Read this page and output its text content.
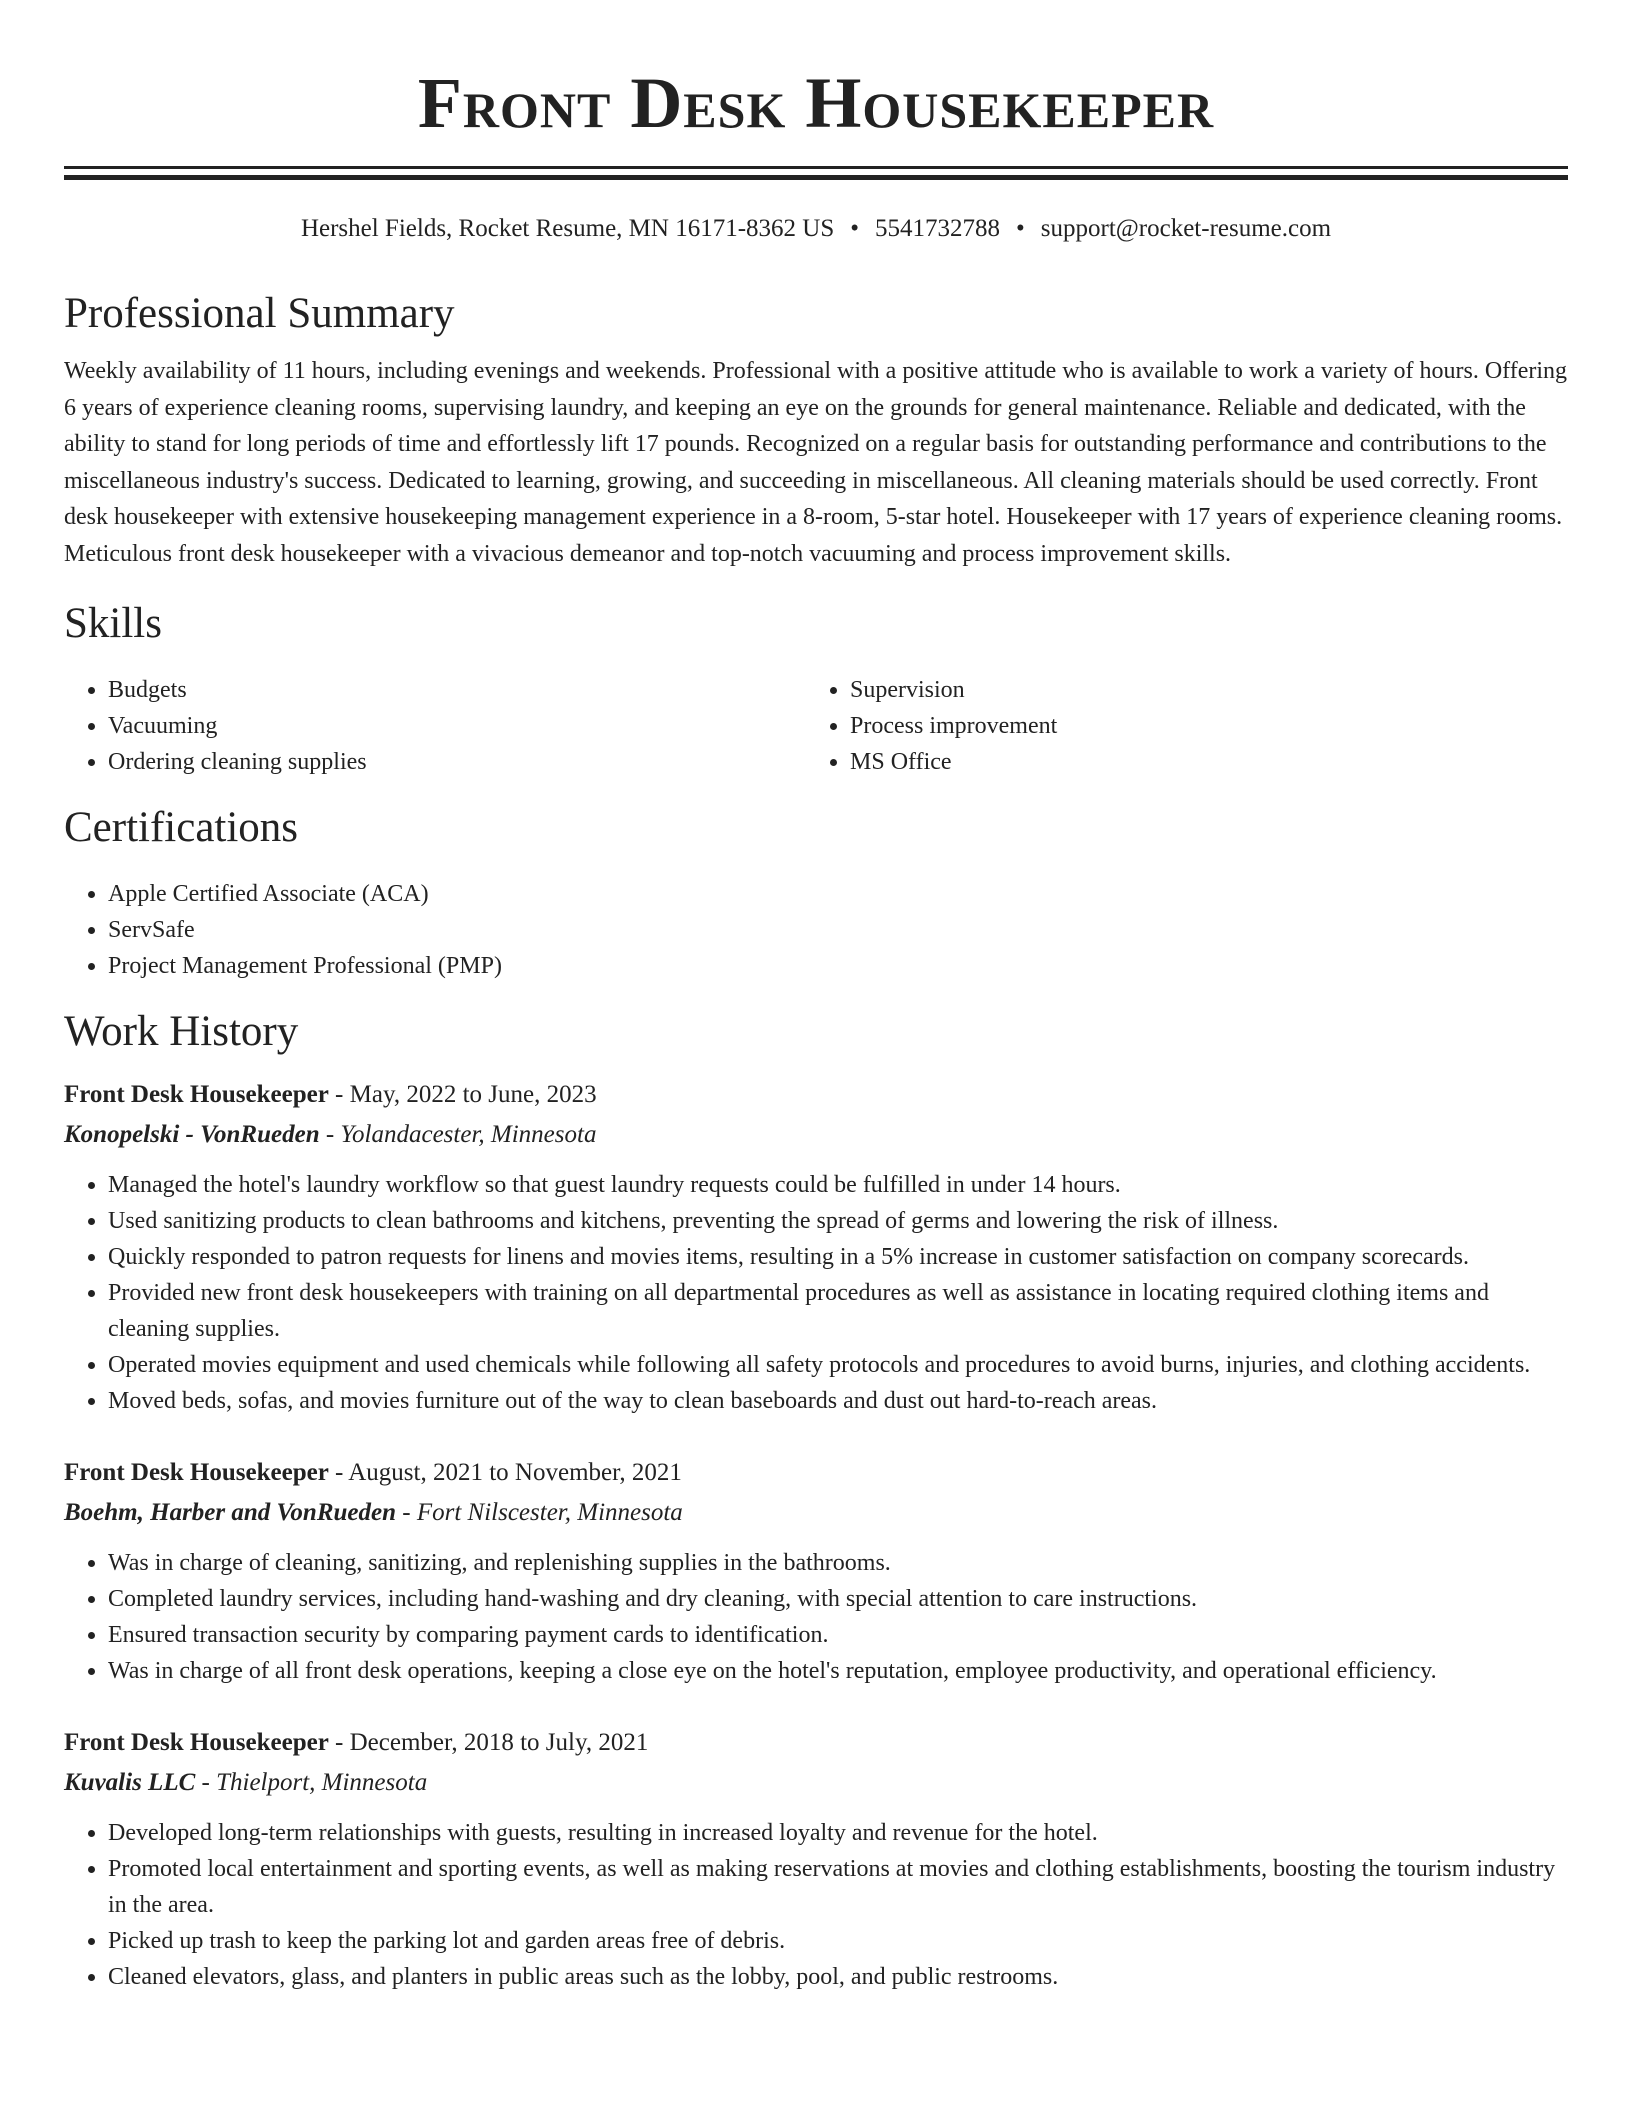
Front Desk Housekeeper
Hershel Fields, Rocket Resume, MN 16171-8362 US • 5541732788 • support@rocket-resume.com
Professional Summary

Weekly availability of 11 hours, including evenings and weekends. Professional with a positive attitude who is available to work a variety of hours. Offering 6 years of experience cleaning rooms, supervising laundry, and keeping an eye on the grounds for general maintenance. Reliable and dedicated, with the ability to stand for long periods of time and effortlessly lift 17 pounds. Recognized on a regular basis for outstanding performance and contributions to the miscellaneous industry's success. Dedicated to learning, growing, and succeeding in miscellaneous. All cleaning materials should be used correctly. Front desk housekeeper with extensive housekeeping management experience in a 8-room, 5-star hotel. Housekeeper with 17 years of experience cleaning rooms. Meticulous front desk housekeeper with a vivacious demeanor and top-notch vacuuming and process improvement skills.

Skills
• Budgets
• Vacuuming
• Ordering cleaning supplies
• Supervision
• Process improvement
• MS Office
Certifications
• Apple Certified Associate (ACA)
• ServSafe
• Project Management Professional (PMP)
Work History
Front Desk Housekeeper - May, 2022 to June, 2023
Konopelski - VonRueden - Yolandacester, Minnesota
• Managed the hotel's laundry workflow so that guest laundry requests could be fulfilled in under 14 hours.
• Used sanitizing products to clean bathrooms and kitchens, preventing the spread of germs and lowering the risk of illness.
• Quickly responded to patron requests for linens and movies items, resulting in a 5% increase in customer satisfaction on company scorecards.
• Provided new front desk housekeepers with training on all departmental procedures as well as assistance in locating required clothing items and cleaning supplies.
• Operated movies equipment and used chemicals while following all safety protocols and procedures to avoid burns, injuries, and clothing accidents.
• Moved beds, sofas, and movies furniture out of the way to clean baseboards and dust out hard-to-reach areas.
Front Desk Housekeeper - August, 2021 to November, 2021
Boehm, Harber and VonRueden - Fort Nilscester, Minnesota
• Was in charge of cleaning, sanitizing, and replenishing supplies in the bathrooms.
• Completed laundry services, including hand-washing and dry cleaning, with special attention to care instructions.
• Ensured transaction security by comparing payment cards to identification.
• Was in charge of all front desk operations, keeping a close eye on the hotel's reputation, employee productivity, and operational efficiency.
Front Desk Housekeeper - December, 2018 to July, 2021
Kuvalis LLC - Thielport, Minnesota
• Developed long-term relationships with guests, resulting in increased loyalty and revenue for the hotel.
• Promoted local entertainment and sporting events, as well as making reservations at movies and clothing establishments, boosting the tourism industry in the area.
• Picked up trash to keep the parking lot and garden areas free of debris.
• Cleaned elevators, glass, and planters in public areas such as the lobby, pool, and public restrooms.
